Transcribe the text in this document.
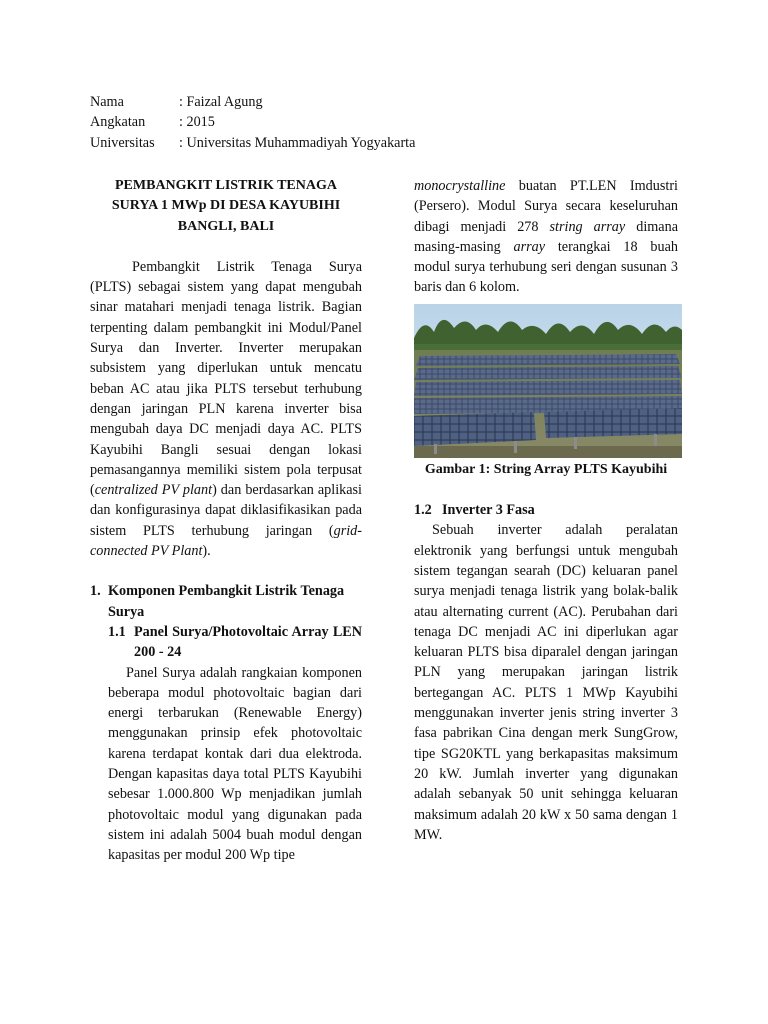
Nama	: Faizal Agung
Angkatan	: 2015
Universitas	: Universitas Muhammadiyah Yogyakarta
PEMBANGKIT LISTRIK TENAGA SURYA 1 MWp DI DESA KAYUBIHI BANGLI, BALI

Pembangkit Listrik Tenaga Surya (PLTS) sebagai sistem yang dapat mengubah sinar matahari menjadi tenaga listrik. Bagian terpenting dalam pembangkit ini Modul/Panel Surya dan Inverter. Inverter merupakan subsistem yang diperlukan untuk mencatu beban AC atau jika PLTS tersebut terhubung dengan jaringan PLN karena inverter bisa mengubah daya DC menjadi daya AC. PLTS Kayubihi Bangli sesuai dengan lokasi pemasangannya memiliki sistem pola terpusat (centralized PV plant) dan berdasarkan aplikasi dan konfigurasinya dapat diklasifikasikan pada sistem PLTS terhubung jaringan (grid-connected PV Plant).

1. Komponen Pembangkit Listrik Tenaga Surya
1.1 Panel Surya/Photovoltaic Array LEN 200 - 24

Panel Surya adalah rangkaian komponen beberapa modul photovoltaic bagian dari energi terbarukan (Renewable Energy) menggunakan prinsip efek photovoltaic karena terdapat kontak dari dua elektroda. Dengan kapasitas daya total PLTS Kayubihi sebesar 1.000.800 Wp menjadikan jumlah photovoltaic modul yang digunakan pada sistem ini adalah 5004 buah modul dengan kapasitas per modul 200 Wp tipe

monocrystalline buatan PT.LEN Imdustri (Persero). Modul Surya secara keseluruhan dibagi menjadi 278 string array dimana masing-masing array terangkai 18 buah modul surya terhubung seri dengan susunan 3 baris dan 6 kolom.

Gambar 1: String Array PLTS Kayubihi
1.2 Inverter 3 Fasa

Sebuah inverter adalah peralatan elektronik yang berfungsi untuk mengubah sistem tegangan searah (DC) keluaran panel surya menjadi tenaga listrik yang bolak-balik atau alternating current (AC). Perubahan dari tenaga DC menjadi AC ini diperlukan agar keluaran PLTS bisa diparalel dengan jaringan PLN yang merupakan jaringan listrik bertegangan AC. PLTS 1 MWp Kayubihi menggunakan inverter jenis string inverter 3 fasa pabrikan Cina dengan merk SungGrow, tipe SG20KTL yang berkapasitas maksimum 20 kW. Jumlah inverter yang digunakan adalah sebanyak 50 unit sehingga keluaran maksimum adalah 20 kW x 50 sama dengan 1 MW.
